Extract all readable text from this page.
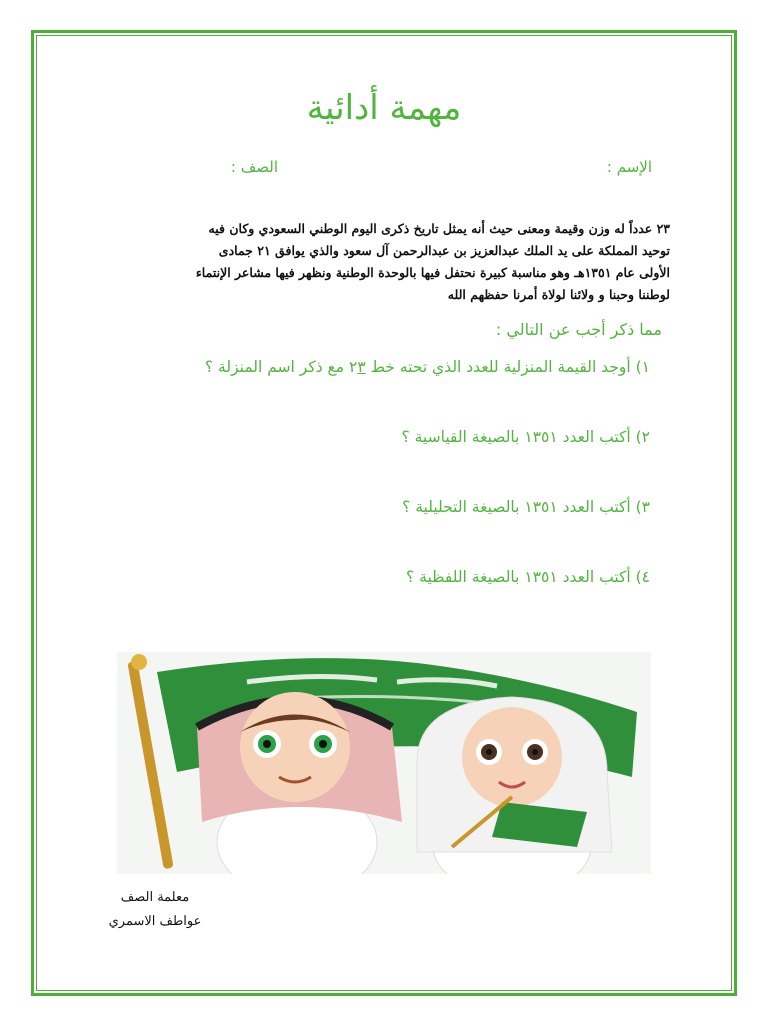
مهمة أدائية
الإسم :
الصف :
٢٣ عدداً له وزن وقيمة ومعنى حيث أنه يمثل تاريخ ذكرى اليوم الوطني السعودي وكان فيه
توحيد المملكة على يد الملك عبدالعزيز بن عبدالرحمن آل سعود والذي يوافق ٢١ جمادى
الأولى عام ١٣٥١هـ وهو مناسبة كبيرة نحتفل فيها بالوحدة الوطنية ونظهر فيها مشاعر الإنتماء
لوطننا وحبنا و ولائنا لولاة أمرنا حفظهم الله
مما ذكر أجب عن التالي :
١) أوجد القيمة المنزلية للعدد الذي تحته خط ٢٣ مع ذكر اسم المنزلة ؟
٢) أكتب العدد ١٣٥١ بالصيغة القياسية ؟
٣) أكتب العدد ١٣٥١ بالصيغة التحليلية ؟
٤) أكتب العدد ١٣٥١ بالصيغة اللفظية ؟
معلمة الصف
عواطف الاسمري
